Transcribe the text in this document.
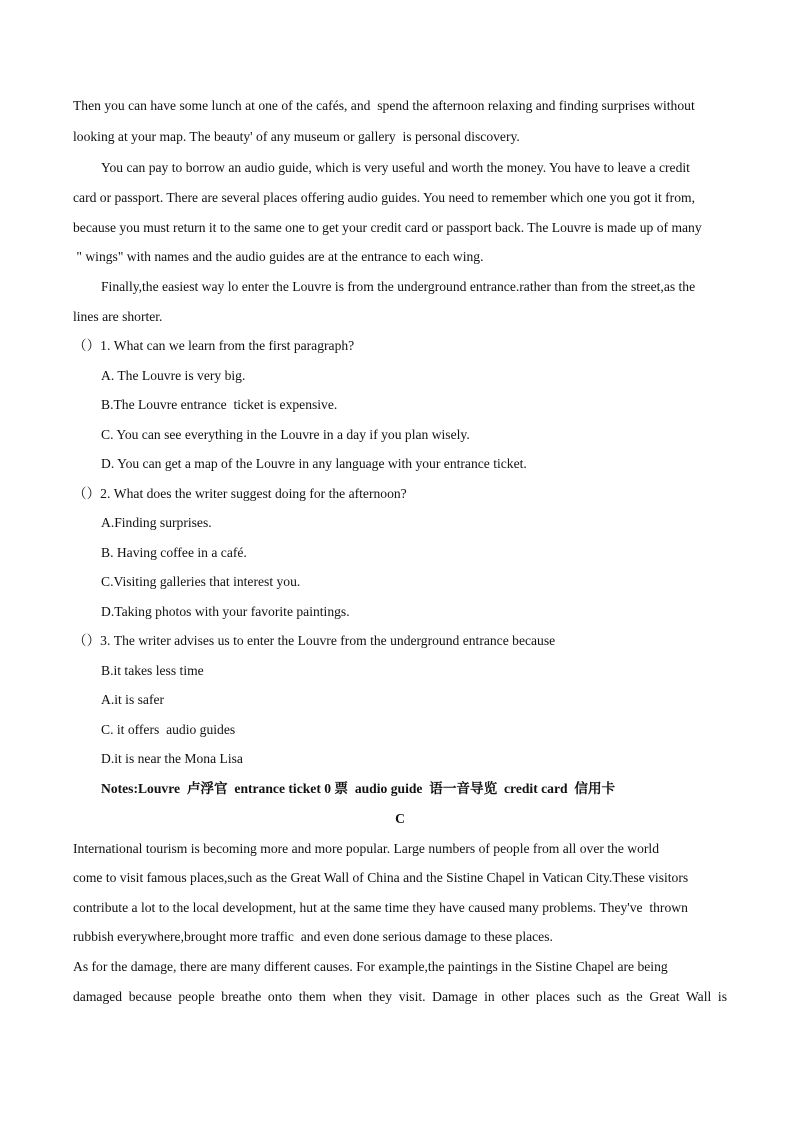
Then you can have some lunch at one of the cafés, and  spend the afternoon relaxing and finding surprises without
looking at your map. The beauty' of any museum or gallery  is personal discovery.
You can pay to borrow an audio guide, which is very useful and worth the money. You have to leave a credit
card or passport. There are several places offering audio guides. You need to remember which one you got it from,
because you must return it to the same one to get your credit card or passport back. The Louvre is made up of many
" wings" with names and the audio guides are at the entrance to each wing.
Finally,the easiest way lo enter the Louvre is from the underground entrance.rather than from the street,as the
lines are shorter.
（）1. What can we learn from the first paragraph?
A. The Louvre is very big.
B.The Louvre entrance  ticket is expensive.
C. You can see everything in the Louvre in a day if you plan wisely.
D. You can get a map of the Louvre in any language with your entrance ticket.
（）2. What does the writer suggest doing for the afternoon?
A.Finding surprises.
B. Having coffee in a café.
C.Visiting galleries that interest you.
D.Taking photos with your favorite paintings.
（）3. The writer advises us to enter the Louvre from the underground entrance because
B.it takes less time
A.it is safer
C. it offers  audio guides
D.it is near the Mona Lisa
Notes:Louvre  卢浮官  entrance ticket 0 票  audio guide  语一音导览  credit card  信用卡
C
International tourism is becoming more and more popular. Large numbers of people from all over the world
come to visit famous places,such as the Great Wall of China and the Sistine Chapel in Vatican City.These visitors
contribute a lot to the local development, hut at the same time they have caused many problems. They've  thrown
rubbish everywhere,brought more traffic  and even done serious damage to these places.
As for the damage, there are many different causes. For example,the paintings in the Sistine Chapel are being
damaged because people breathe onto them when they visit. Damage in other places such as the Great Wall is
